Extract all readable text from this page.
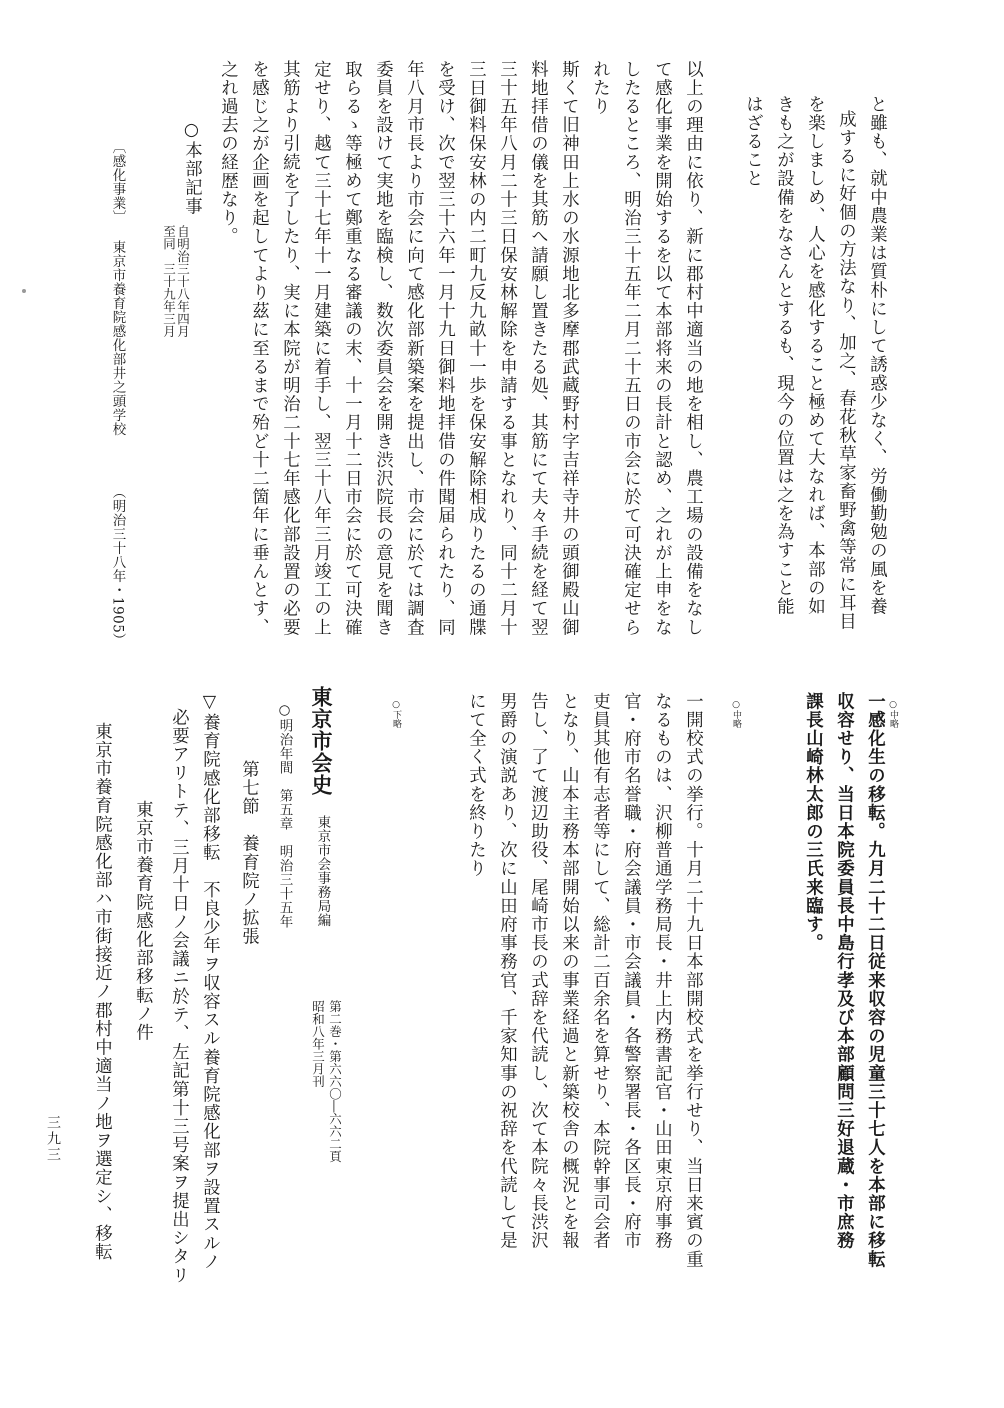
と雖も、就中農業は質朴にして誘惑少なく、労働勤勉の風を養
成するに好個の方法なり、加之、春花秋草家畜野禽等常に耳目
を楽しましめ、人心を感化すること極めて大なれば、本部の如
きも之が設備をなさんとするも、現今の位置は之を為すこと能
はざること
以上の理由に依り、新に郡村中適当の地を相し、農工場の設備をなし
て感化事業を開始するを以て本部将来の長計と認め、之れが上申をな
したるところ、明治三十五年二月二十五日の市会に於て可決確定せら
れたり
斯くて旧神田上水の水源地北多摩郡武蔵野村字吉祥寺井の頭御殿山御
料地拝借の儀を其筋へ請願し置きたる処、其筋にて夫々手続を経て翌
三十五年八月二十三日保安林解除を申請する事となれり、同十二月十
三日御料保安林の内二町九反九畝十一歩を保安解除相成りたるの通牒
を受け、次で翌三十六年一月十九日御料地拝借の件聞届られたり、同
年八月市長より市会に向て感化部新築案を提出し、市会に於ては調査
委員を設けて実地を臨検し、数次委員会を開き渋沢院長の意見を聞き
取らるゝ等極めて鄭重なる審議の末、十一月十二日市会に於て可決確
定せり、越て三十七年十一月建築に着手し、翌三十八年三月竣工の上
其筋より引続を了したり、実に本院が明治二十七年感化部設置の必要
を感じ之が企画を起してより茲に至るまで殆ど十二箇年に垂んとす、
之れ過去の経歴なり。
○本部記事
自明治三十八年四月
至同　三十九年三月
〔感化事業〕
東京市養育院感化部井之頭学校
（明治三十八年・1905）
○中略
一感化生の移転。九月二十二日従来収容の児童三十七人を本部に移転
収容せり、当日本院委員長中島行孝及び本部顧問三好退蔵・市庶務
課長山崎林太郎の三氏来臨す。
○中略
一開校式の挙行。十月二十九日本部開校式を挙行せり、当日来賓の重
なるものは、沢柳普通学務局長・井上内務書記官・山田東京府事務
官・府市名誉職・府会議員・市会議員・各警察署長・各区長・府市
吏員其他有志者等にして、総計二百余名を算せり、本院幹事司会者
となり、山本主務本部開始以来の事業経過と新築校舎の概況とを報
告し、了て渡辺助役、尾崎市長の式辞を代読し、次て本院々長渋沢
男爵の演説あり、次に山田府事務官、千家知事の祝辞を代読して是
にて全く式を終りたり
○下略
東京市会史
東京市会事務局編
第二巻・第六六〇―六六二頁
昭和八年三月刊
○明治年間　第五章　明治三十五年
第七節　養育院ノ拡張
▽養育院感化部移転　不良少年ヲ収容スル養育院感化部ヲ設置スルノ
必要アリトテ、三月十日ノ会議ニ於テ、左記第十三号案ヲ提出シタリ
東京市養育院感化部移転ノ件
東京市養育院感化部ハ市街接近ノ郡村中適当ノ地ヲ選定シ、移転
三九三
